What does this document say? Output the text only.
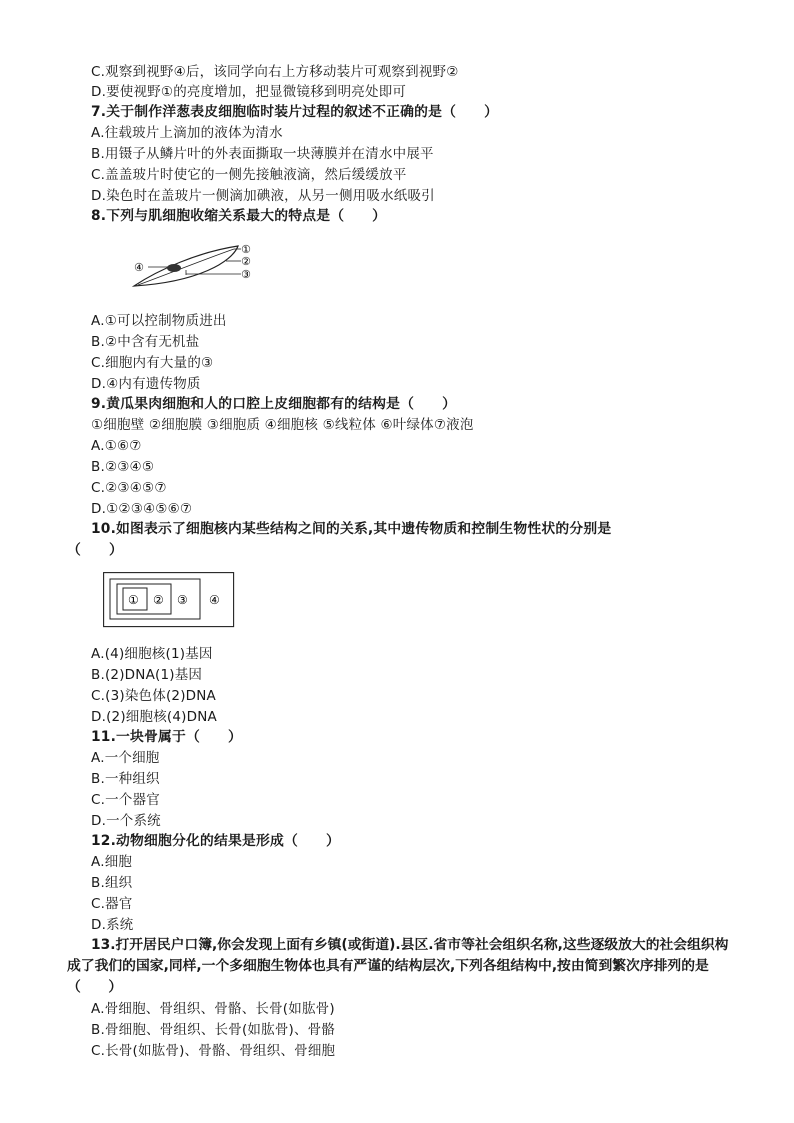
C.观察到视野④后，该同学向右上方移动装片可观察到视野②
D.要使视野①的亮度增加，把显微镜移到明亮处即可
7.关于制作洋葱表皮细胞临时装片过程的叙述不正确的是（　　）
A.往载玻片上滴加的液体为清水
B.用镊子从鳞片叶的外表面撕取一块薄膜并在清水中展平
C.盖盖玻片时使它的一侧先接触液滴，然后缓缓放平
D.染色时在盖玻片一侧滴加碘液，从另一侧用吸水纸吸引
8.下列与肌细胞收缩关系最大的特点是（　　）
①
②
③
④
A.①可以控制物质进出
B.②中含有无机盐
C.细胞内有大量的③
D.④内有遗传物质
9.黄瓜果肉细胞和人的口腔上皮细胞都有的结构是（　　）
①细胞壁 ②细胞膜 ③细胞质 ④细胞核 ⑤线粒体 ⑥叶绿体⑦液泡
A.①⑥⑦
B.②③④⑤
C.②③④⑤⑦
D.①②③④⑤⑥⑦
10.如图表示了细胞核内某些结构之间的关系,其中遗传物质和控制生物性状的分别是
（　　）
① ② ③ ④
A.(4)细胞核(1)基因
B.(2)DNA(1)基因
C.(3)染色体(2)DNA
D.(2)细胞核(4)DNA
11.一块骨属于（　　）
A.一个细胞
B.一种组织
C.一个器官
D.一个系统
12.动物细胞分化的结果是形成（　　）
A.细胞
B.组织
C.器官
D.系统
13.打开居民户口簿,你会发现上面有乡镇(或街道).县区.省市等社会组织名称,这些逐级放大的社会组织构成了我们的国家,同样,一个多细胞生物体也具有严谨的结构层次,下列各组结构中,按由简到繁次序排列的是（　　）
A.骨细胞、骨组织、骨骼、长骨(如肱骨)
B.骨细胞、骨组织、长骨(如肱骨)、骨骼
C.长骨(如肱骨)、骨骼、骨组织、骨细胞
